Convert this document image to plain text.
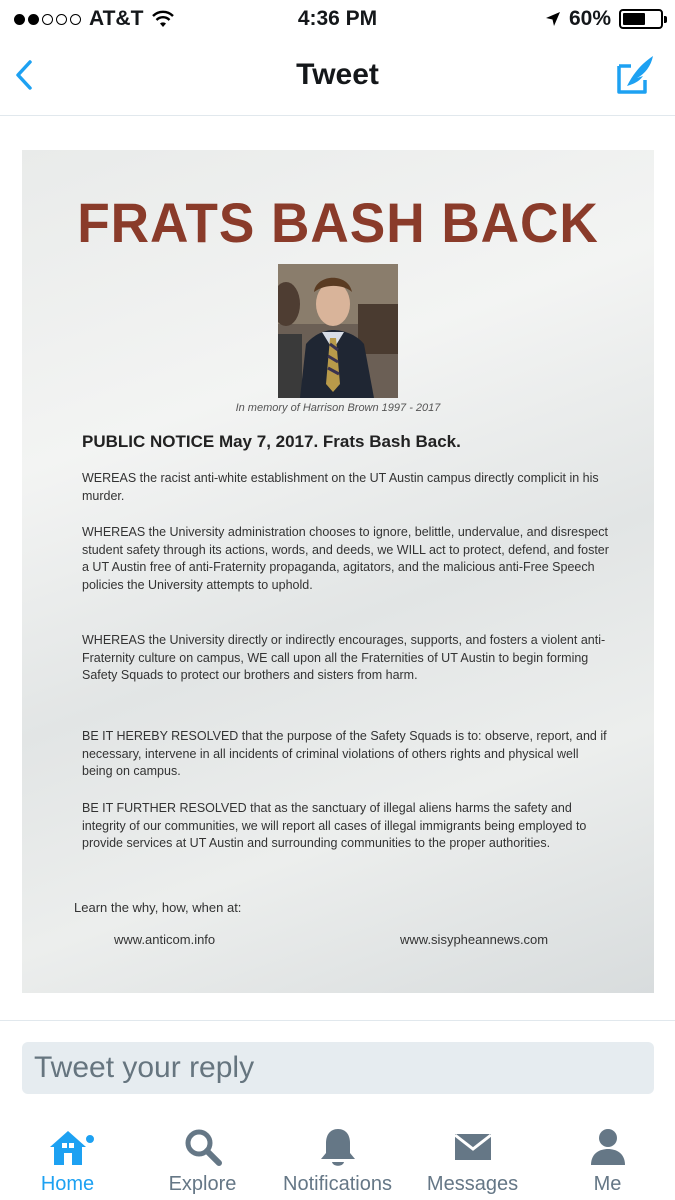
AT&T	4:36 PM	60%
Tweet
FRATS BASH BACK
In memory of Harrison Brown 1997 - 2017
PUBLIC NOTICE May 7, 2017. Frats Bash Back.
WEREAS the racist anti-white establishment on the UT Austin campus directly complicit in his murder.
WHEREAS the University administration chooses to ignore, belittle, undervalue, and disrespect student safety through its actions, words, and deeds, we WILL act to protect, defend, and foster a UT Austin free of anti-Fraternity propaganda, agitators, and the malicious anti-Free Speech policies the University attempts to uphold.
WHEREAS the University directly or indirectly encourages, supports, and fosters a violent anti-Fraternity culture on campus, WE call upon all the Fraternities of UT Austin to begin forming Safety Squads to protect our brothers and sisters from harm.
BE IT HEREBY RESOLVED that the purpose of the Safety Squads is to: observe, report, and if necessary, intervene in all incidents of criminal violations of others rights and physical well being on campus.
BE IT FURTHER RESOLVED that as the sanctuary of illegal aliens harms the safety and integrity of our communities, we will report all cases of illegal immigrants being employed to provide services at UT Austin and surrounding communities to the proper authorities.
Learn the why, how, when at:
www.anticom.info	www.sisypheannews.com
Tweet your reply
Home	Explore Notifications Messages	Me
